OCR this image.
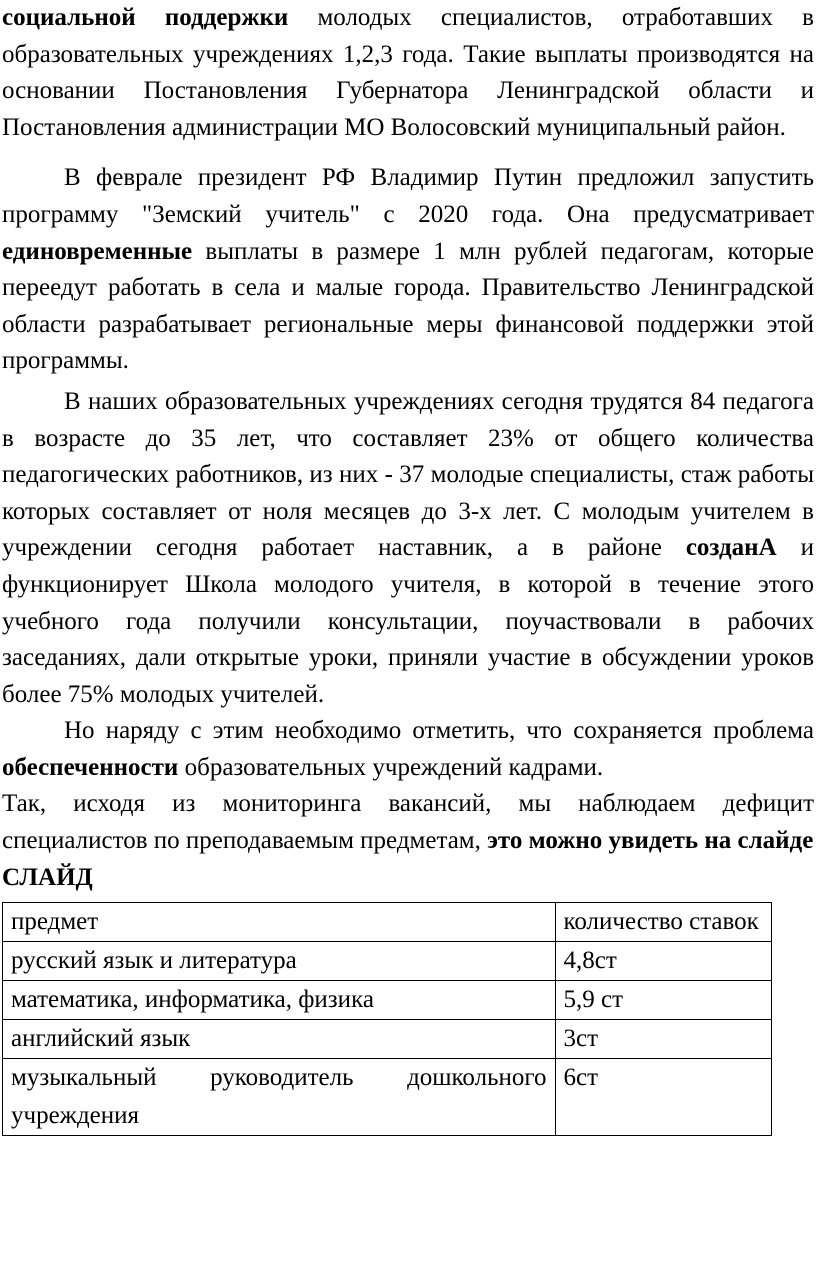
социальной поддержки молодых специалистов, отработавших в образовательных учреждениях 1,2,3 года. Такие выплаты производятся на основании Постановления Губернатора Ленинградской области и Постановления администрации МО Волосовский муниципальный район.

В феврале президент РФ Владимир Путин предложил запустить программу "Земский учитель" с 2020 года. Она предусматривает единовременные выплаты в размере 1 млн рублей педагогам, которые переедут работать в села и малые города. Правительство Ленинградской области разрабатывает региональные меры финансовой поддержки этой программы.

В наших образовательных учреждениях сегодня трудятся 84 педагога в возрасте до 35 лет, что составляет 23% от общего количества педагогических работников, из них - 37 молодые специалисты, стаж работы которых составляет от ноля месяцев до 3-х лет. С молодым учителем в учреждении сегодня работает наставник, а в районе созданА и функционирует Школа молодого учителя, в которой в течение этого учебного года получили консультации, поучаствовали в рабочих заседаниях, дали открытые уроки, приняли участие в обсуждении уроков более 75% молодых учителей.

Но наряду с этим необходимо отметить, что сохраняется проблема обеспеченности образовательных учреждений кадрами.

Так, исходя из мониторинга вакансий, мы наблюдаем дефицит специалистов по преподаваемым предметам, это можно увидеть на слайде

СЛАЙД

предмет	количество ставок
русский язык и литература	4,8ст
математика, информатика, физика	5,9 ст
английский язык	3ст
музыкальный руководитель дошкольного учреждения	6ст
